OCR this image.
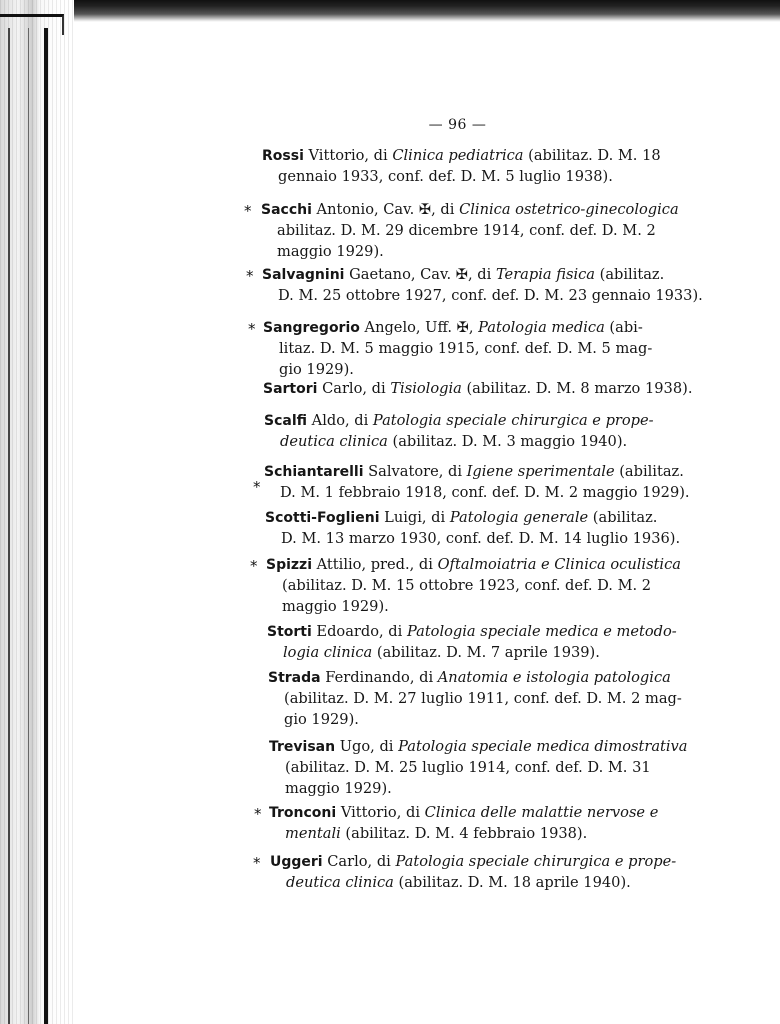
— 96 —
Rossi Vittorio, di Clinica pediatrica (abilitaz. D. M. 18
gennaio 1933, conf. def. D. M. 5 luglio 1938).
Sacchi Antonio, Cav. ✠, di Clinica ostetrico-ginecologica
abilitaz. D. M. 29 dicembre 1914, conf. def. D. M. 2
maggio 1929).
*
Salvagnini Gaetano, Cav. ✠, di Terapia fisica (abilitaz.
D. M. 25 ottobre 1927, conf. def. D. M. 23 gennaio 1933).
*
Sangregorio Angelo, Uff. ✠, Patologia medica (abi-
litaz. D. M. 5 maggio 1915, conf. def. D. M. 5 mag-
gio 1929).
*
Sartori Carlo, di Tisiologia (abilitaz. D. M. 8 marzo 1938).
Scalfi Aldo, di Patologia speciale chirurgica e prope-
deutica clinica (abilitaz. D. M. 3 maggio 1940).
Schiantarelli Salvatore, di Igiene sperimentale (abilitaz.
D. M. 1 febbraio 1918, conf. def. D. M. 2 maggio 1929).
*
Scotti-Foglieni Luigi, di Patologia generale (abilitaz.
D. M. 13 marzo 1930, conf. def. D. M. 14 luglio 1936).
Spizzi Attilio, pred., di Oftalmoiatria e Clinica oculistica
(abilitaz. D. M. 15 ottobre 1923, conf. def. D. M. 2
maggio 1929).
*
Storti Edoardo, di Patologia speciale medica e metodo-
logia clinica (abilitaz. D. M. 7 aprile 1939).
Strada Ferdinando, di Anatomia e istologia patologica
(abilitaz. D. M. 27 luglio 1911, conf. def. D. M. 2 mag-
gio 1929).
Trevisan Ugo, di Patologia speciale medica dimostrativa
(abilitaz. D. M. 25 luglio 1914, conf. def. D. M. 31
maggio 1929).
Tronconi Vittorio, di Clinica delle malattie nervose e
mentali (abilitaz. D. M. 4 febbraio 1938).
*
Uggeri Carlo, di Patologia speciale chirurgica e prope-
deutica clinica (abilitaz. D. M. 18 aprile 1940).
*
